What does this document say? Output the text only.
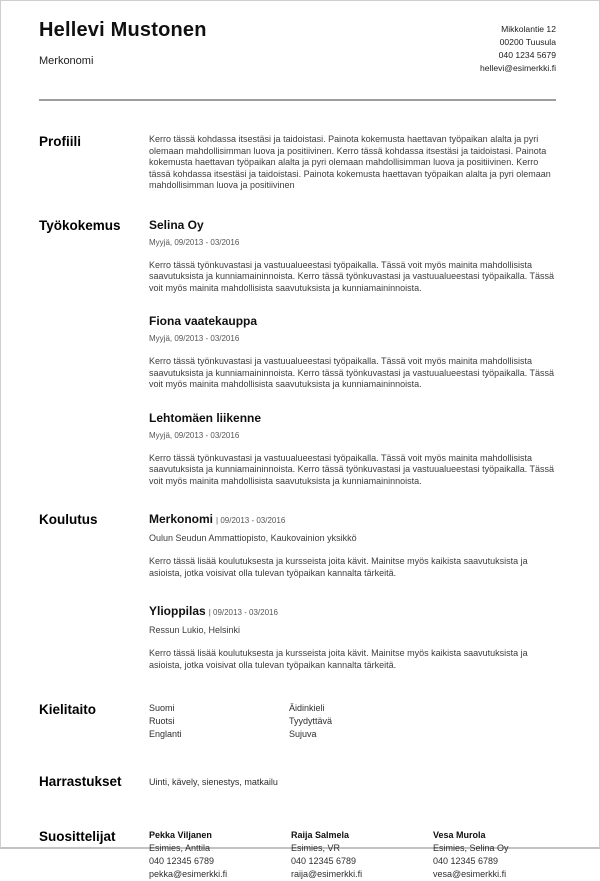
Hellevi Mustonen
Merkonomi
Mikkolantie 12
00200 Tuusula
040 1234 5679
hellevi@esimerkki.fi
Profiili	Kerro tässä kohdassa itsestäsi ja taidoistasi. Painota kokemusta haettavan työpaikan alalta ja pyri olemaan mahdollisimman luova ja positiivinen. Kerro tässä kohdassa itsestäsi ja taidoistasi. Painota kokemusta haettavan työpaikan alalta ja pyri olemaan mahdollisimman luova ja positiivinen. Kerro tässä kohdassa itsestäsi ja taidoistasi. Painota kokemusta haettavan työpaikan alalta ja pyri olemaan mahdollisimman luova ja positiivinen
Työkokemus	Selina Oy
Myyjä, 09/2013 - 03/2016
Kerro tässä työnkuvastasi ja vastuualueestasi työpaikalla. Tässä voit myös mainita mahdollisista saavutuksista ja kunniamaininnoista. Kerro tässä työnkuvastasi ja vastuualueestasi työpaikalla. Tässä voit myös mainita mahdollisista saavutuksista ja kunniamaininnoista.
Fiona vaatekauppa
Myyjä, 09/2013 - 03/2016
Kerro tässä työnkuvastasi ja vastuualueestasi työpaikalla. Tässä voit myös mainita mahdollisista saavutuksista ja kunniamaininnoista. Kerro tässä työnkuvastasi ja vastuualueestasi työpaikalla. Tässä voit myös mainita mahdollisista saavutuksista ja kunniamaininnoista.
Lehtomäen liikenne
Myyjä, 09/2013 - 03/2016
Kerro tässä työnkuvastasi ja vastuualueestasi työpaikalla. Tässä voit myös mainita mahdollisista saavutuksista ja kunniamaininnoista. Kerro tässä työnkuvastasi ja vastuualueestasi työpaikalla. Tässä voit myös mainita mahdollisista saavutuksista ja kunniamaininnoista.
Koulutus	Merkonomi | 09/2013 - 03/2016
Oulun Seudun Ammattiopisto, Kaukovainion yksikkö
Kerro tässä lisää koulutuksesta ja kursseista joita kävit. Mainitse myös kaikista saavutuksista ja asioista, jotka voisivat olla tulevan työpaikan kannalta tärkeitä.
Ylioppilas | 09/2013 - 03/2016
Ressun Lukio, Helsinki
Kerro tässä lisää koulutuksesta ja kursseista joita kävit. Mainitse myös kaikista saavutuksista ja asioista, jotka voisivat olla tulevan työpaikan kannalta tärkeitä.
Kielitaito	Suomi	Äidinkieli
Ruotsi	Tyydyttävä
Englanti	Sujuva
Harrastukset	Uinti, kävely, sienestys, matkailu
Suosittelijat	Pekka Viljanen
Esimies, Anttila
040 12345 6789
pekka@esimerkki.fi
Raija Salmela
Esimies, VR
040 12345 6789
raija@esimerkki.fi
Vesa Murola
Esimies, Selina Oy
040 12345 6789
vesa@esimerkki.fi
